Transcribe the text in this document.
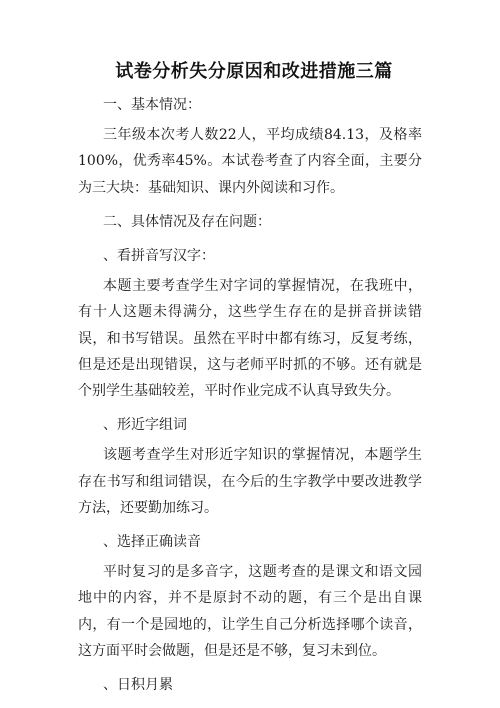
试卷分析失分原因和改进措施三篇

一、基本情况：

三年级本次考人数22人，平均成绩84.13，及格率100%，优秀率45%。本试卷考查了内容全面，主要分为三大块：基础知识、课内外阅读和习作。

二、具体情况及存在问题：

、看拼音写汉字：

本题主要考查学生对字词的掌握情况，在我班中，有十人这题未得满分，这些学生存在的是拼音拼读错误，和书写错误。虽然在平时中都有练习，反复考练，但是还是出现错误，这与老师平时抓的不够。还有就是个别学生基础较差，平时作业完成不认真导致失分。

、形近字组词

该题考查学生对形近字知识的掌握情况，本题学生存在书写和组词错误，在今后的生字教学中要改进教学方法，还要勤加练习。

、选择正确读音

平时复习的是多音字，这题考查的是课文和语文园地中的内容，并不是原封不动的题，有三个是出自课内，有一个是园地的，让学生自己分析选择哪个读音，这方面平时会做题，但是还是不够，复习未到位。

、日积月累
